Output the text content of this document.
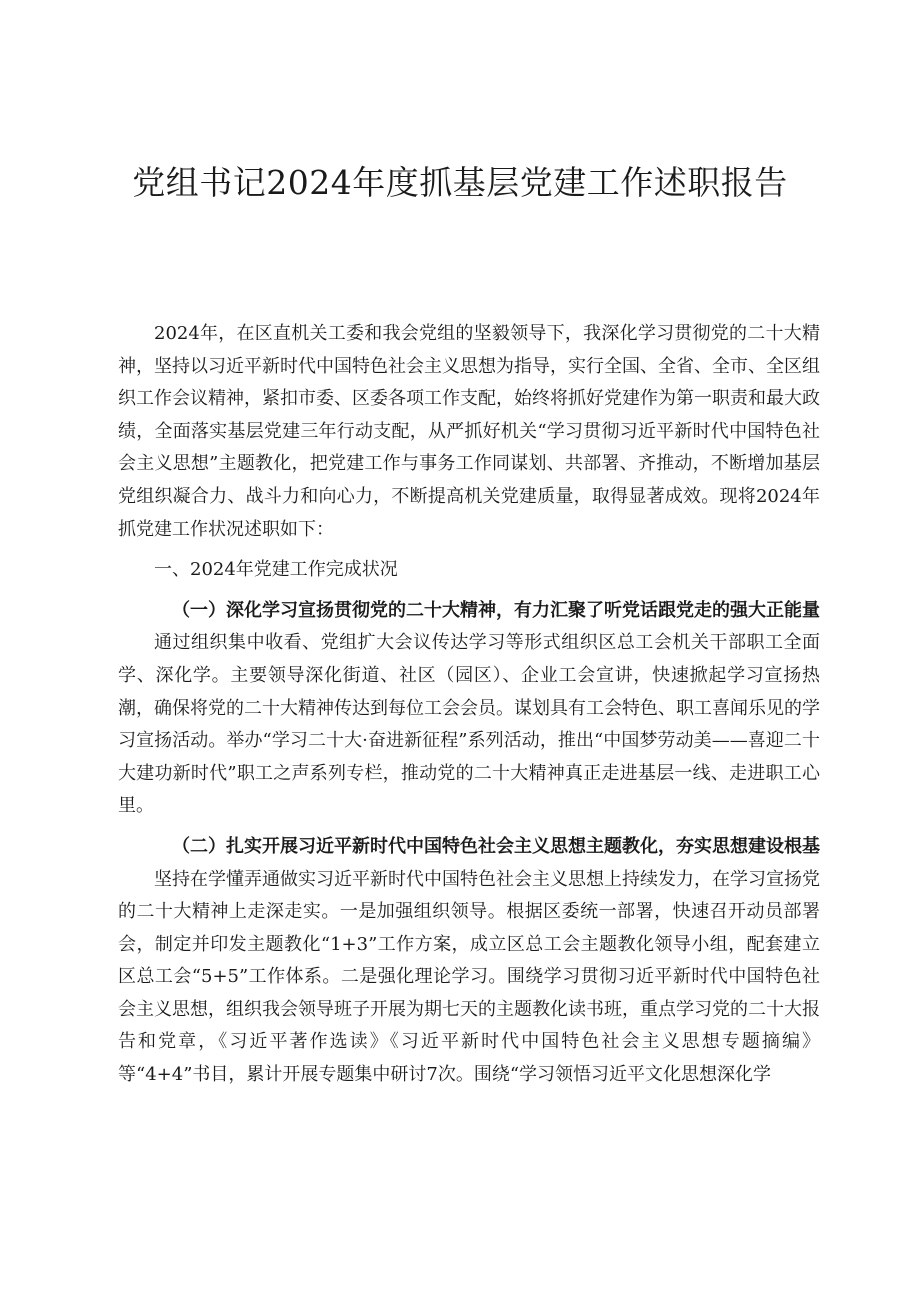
党组书记2024年度抓基层党建工作述职报告

2024年，在区直机关工委和我会党组的坚毅领导下，我深化学习贯彻党的二十大精神，坚持以习近平新时代中国特色社会主义思想为指导，实行全国、全省、全市、全区组织工作会议精神，紧扣市委、区委各项工作支配，始终将抓好党建作为第一职责和最大政绩，全面落实基层党建三年行动支配，从严抓好机关“学习贯彻习近平新时代中国特色社会主义思想”主题教化，把党建工作与事务工作同谋划、共部署、齐推动，不断增加基层党组织凝合力、战斗力和向心力，不断提高机关党建质量，取得显著成效。现将2024年抓党建工作状况述职如下：

一、2024年党建工作完成状况

（一）深化学习宣扬贯彻党的二十大精神，有力汇聚了听党话跟党走的强大正能量

通过组织集中收看、党组扩大会议传达学习等形式组织区总工会机关干部职工全面学、深化学。主要领导深化街道、社区（园区）、企业工会宣讲，快速掀起学习宣扬热潮，确保将党的二十大精神传达到每位工会会员。谋划具有工会特色、职工喜闻乐见的学习宣扬活动。举办“学习二十大·奋进新征程”系列活动，推出“中国梦劳动美——喜迎二十大建功新时代”职工之声系列专栏，推动党的二十大精神真正走进基层一线、走进职工心里。

（二）扎实开展习近平新时代中国特色社会主义思想主题教化，夯实思想建设根基

坚持在学懂弄通做实习近平新时代中国特色社会主义思想上持续发力，在学习宣扬党的二十大精神上走深走实。一是加强组织领导。根据区委统一部署，快速召开动员部署会，制定并印发主题教化“1+3”工作方案，成立区总工会主题教化领导小组，配套建立区总工会“5+5”工作体系。二是强化理论学习。围绕学习贯彻习近平新时代中国特色社会主义思想，组织我会领导班子开展为期七天的主题教化读书班，重点学习党的二十大报告和党章，《习近平著作选读》《习近平新时代中国特色社会主义思想专题摘编》等“4+4”书目，累计开展专题集中研讨7次。围绕“学习领悟习近平文化思想深化学
